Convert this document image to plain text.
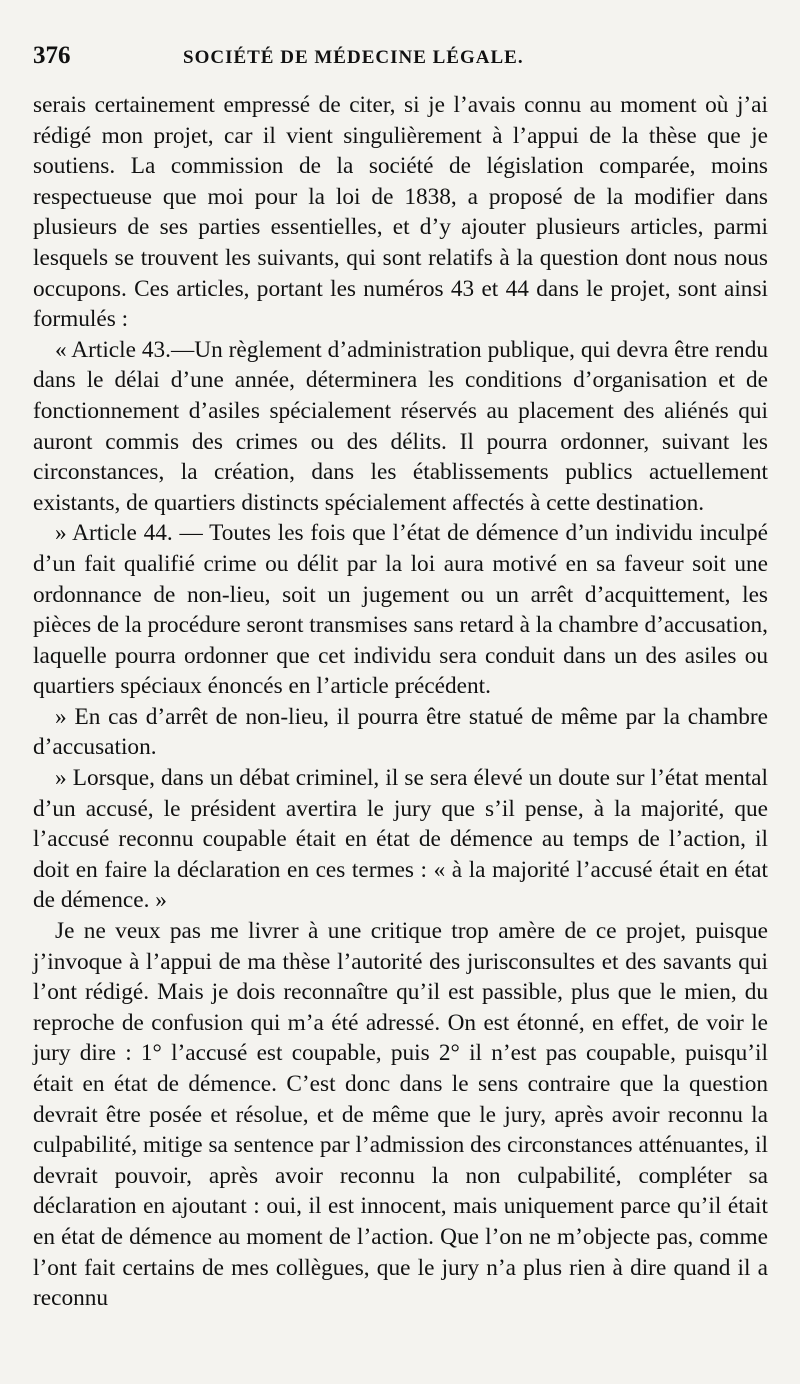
376	SOCIÉTÉ DE MÉDECINE LÉGALE.

serais certainement empressé de citer, si je l’avais connu au moment où j’ai rédigé mon projet, car il vient singulièrement à l’appui de la thèse que je soutiens. La commission de la société de législation comparée, moins respectueuse que moi pour la loi de 1838, a proposé de la modifier dans plusieurs de ses parties essentielles, et d’y ajouter plusieurs articles, parmi lesquels se trouvent les suivants, qui sont relatifs à la question dont nous nous occupons. Ces articles, portant les numéros 43 et 44 dans le projet, sont ainsi formulés :

« Article 43.—Un règlement d’administration publique, qui devra être rendu dans le délai d’une année, déterminera les conditions d’organisation et de fonctionnement d’asiles spécialement réservés au placement des aliénés qui auront commis des crimes ou des délits. Il pourra ordonner, suivant les circonstances, la création, dans les établissements publics actuellement existants, de quartiers distincts spécialement affectés à cette destination.

» Article 44. — Toutes les fois que l’état de démence d’un individu inculpé d’un fait qualifié crime ou délit par la loi aura motivé en sa faveur soit une ordonnance de non-lieu, soit un jugement ou un arrêt d’acquittement, les pièces de la procédure seront transmises sans retard à la chambre d’accusation, laquelle pourra ordonner que cet individu sera conduit dans un des asiles ou quartiers spéciaux énoncés en l’article précédent.

» En cas d’arrêt de non-lieu, il pourra être statué de même par la chambre d’accusation.

» Lorsque, dans un débat criminel, il se sera élevé un doute sur l’état mental d’un accusé, le président avertira le jury que s’il pense, à la majorité, que l’accusé reconnu coupable était en état de démence au temps de l’action, il doit en faire la déclaration en ces termes : « à la majorité l’accusé était en état de démence. »

Je ne veux pas me livrer à une critique trop amère de ce projet, puisque j’invoque à l’appui de ma thèse l’autorité des jurisconsultes et des savants qui l’ont rédigé. Mais je dois reconnaître qu’il est passible, plus que le mien, du reproche de confusion qui m’a été adressé. On est étonné, en effet, de voir le jury dire : 1° l’accusé est coupable, puis 2° il n’est pas coupable, puisqu’il était en état de démence. C’est donc dans le sens contraire que la question devrait être posée et résolue, et de même que le jury, après avoir reconnu la culpabilité, mitige sa sentence par l’admission des circonstances atténuantes, il devrait pouvoir, après avoir reconnu la non culpabilité, compléter sa déclaration en ajoutant : oui, il est innocent, mais uniquement parce qu’il était en état de démence au moment de l’action. Que l’on ne m’objecte pas, comme l’ont fait certains de mes collègues, que le jury n’a plus rien à dire quand il a reconnu
